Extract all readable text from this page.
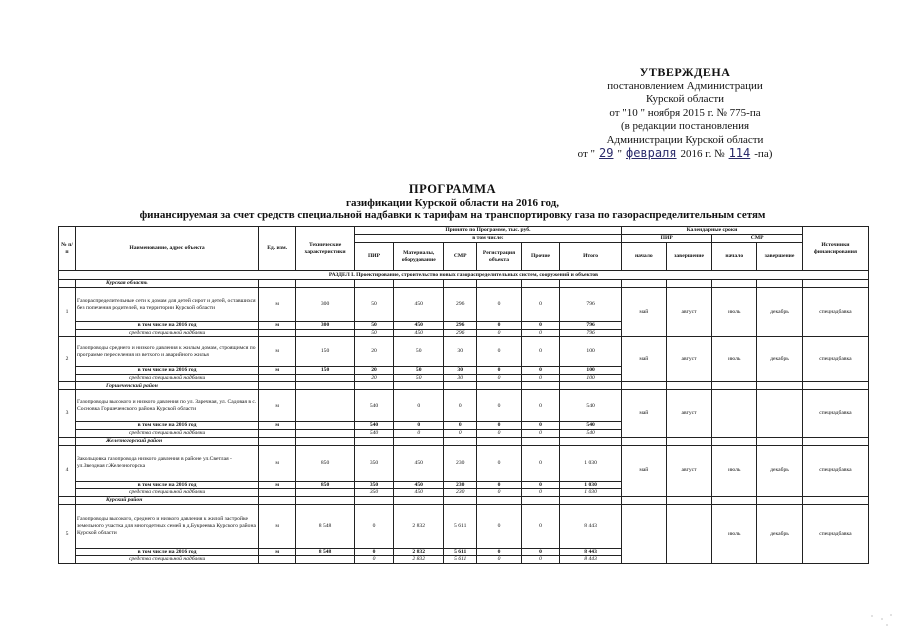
УТВЕРЖДЕНА
постановлением Администрации
Курской области
от "10 " ноября 2015 г. № 775-па
(в редакции постановления
Администрации Курской области
от " 29 " февраля 2016 г. № 114 -па)
ПРОГРАММА
газификации Курской области на 2016 год,
финансируемая за счет средств специальной надбавки к тарифам на транспортировку газа по газораспределительным сетям
№ п/п	Наименование, адрес объекта	Ед. изм.	Технические характеристики	Принято по Программе, тыс. руб.						Календарные сроки				Источники финансирования
				в том числе:						ПИР		СМР		
				ПИР	Материалы, оборудование	СМР	Регистрация объекта	Прочие	Итого	начало	завершение	начало	завершение	
РАЗДЕЛ I. Проектирование, строительство новых газораспределительных систем, сооружений и объектов														
	Курская область													
1	Газораспределительные сети к домам для детей сирот и детей, оставшихся без попечения родителей, на территории Курской области	м	300	50	450	296	0	0	796	май	август	июль	декабрь	спецнадбавка
	в том числе на 2016 год	м	300	50	450	296	0	0	796					
	средства специальной надбавки			50	450	296	0	0	796					
2	Газопроводы среднего и низкого давления к жилым домам, строящимся по программе переселения из ветхого и аварийного жилья	м	150	20	50	30	0	0	100	май	август	июль	декабрь	спецнадбавка
	в том числе на 2016 год	м	150	20	50	30	0	0	100					
	средства специальной надбавки			20	50	30	0	0	100					
	Горшеченский район													
3	Газопроводы высокого и низкого давления по ул. Заречная, ул. Садовая в с. Сосновка Горшеченского района Курской области	м		540	0	0	0	0	540	май	август			спецнадбавка
	в том числе на 2016 год	м		540	0	0	0	0	540					
	средства специальной надбавки			540	0	0	0	0	540					
	Железногорский район													
4	Закольцовка газопровода низкого давления в районе ул.Светлая - ул.Звездная г.Железногорска	м	850	350	450	230	0	0	1 030	май	август	июль	декабрь	спецнадбавка
	в том числе на 2016 год	м	850	350	450	230	0	0	1 030					
	средства специальной надбавки			350	450	230	0	0	1 030					
	Курский район													
5	Газопроводы высокого, среднего и низкого давления к жилой застройке земельного участка для многодетных семей в д.Букреевка Курского района Курской области	м	8 548	0	2 832	5 611	0	0	8 443			июль	декабрь	спецнадбавка
	в том числе на 2016 год	м	8 548	0	2 832	5 611	0	0	8 443					
	средства специальной надбавки			0	2 832	5 611	0	0	8 443					
